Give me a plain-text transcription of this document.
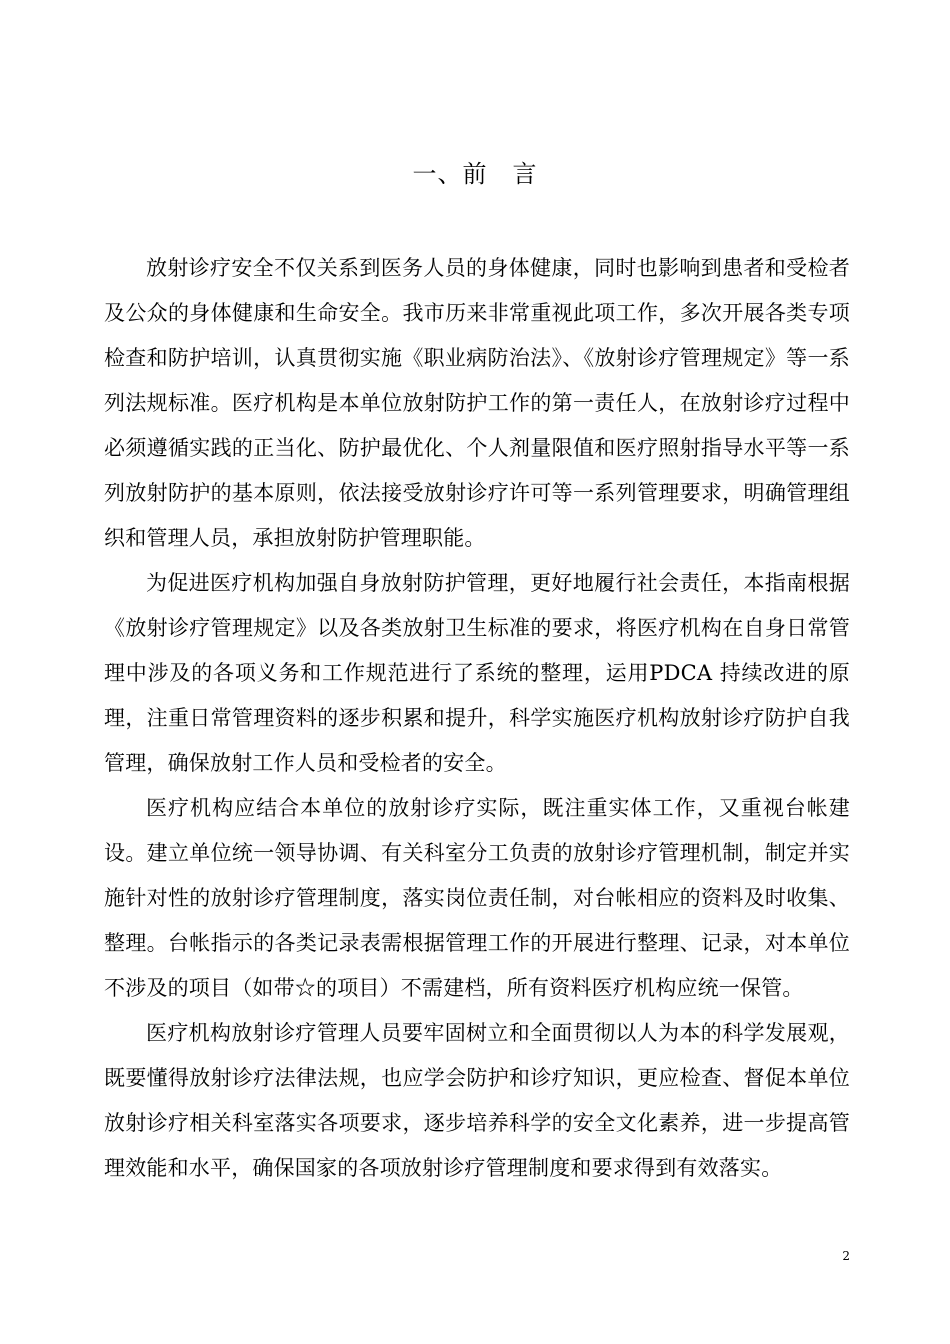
一、前　言

放射诊疗安全不仅关系到医务人员的身体健康，同时也影响到患者和受检者及公众的身体健康和生命安全。我市历来非常重视此项工作，多次开展各类专项检查和防护培训，认真贯彻实施《职业病防治法》、《放射诊疗管理规定》等一系列法规标准。医疗机构是本单位放射防护工作的第一责任人，在放射诊疗过程中必须遵循实践的正当化、防护最优化、个人剂量限值和医疗照射指导水平等一系列放射防护的基本原则，依法接受放射诊疗许可等一系列管理要求，明确管理组织和管理人员，承担放射防护管理职能。

为促进医疗机构加强自身放射防护管理，更好地履行社会责任，本指南根据《放射诊疗管理规定》以及各类放射卫生标准的要求，将医疗机构在自身日常管理中涉及的各项义务和工作规范进行了系统的整理，运用PDCA 持续改进的原理，注重日常管理资料的逐步积累和提升，科学实施医疗机构放射诊疗防护自我管理，确保放射工作人员和受检者的安全。

医疗机构应结合本单位的放射诊疗实际，既注重实体工作，又重视台帐建设。建立单位统一领导协调、有关科室分工负责的放射诊疗管理机制，制定并实施针对性的放射诊疗管理制度，落实岗位责任制，对台帐相应的资料及时收集、整理。台帐指示的各类记录表需根据管理工作的开展进行整理、记录，对本单位不涉及的项目（如带☆的项目）不需建档，所有资料医疗机构应统一保管。

医疗机构放射诊疗管理人员要牢固树立和全面贯彻以人为本的科学发展观，既要懂得放射诊疗法律法规，也应学会防护和诊疗知识，更应检查、督促本单位放射诊疗相关科室落实各项要求，逐步培养科学的安全文化素养，进一步提高管理效能和水平，确保国家的各项放射诊疗管理制度和要求得到有效落实。

2
